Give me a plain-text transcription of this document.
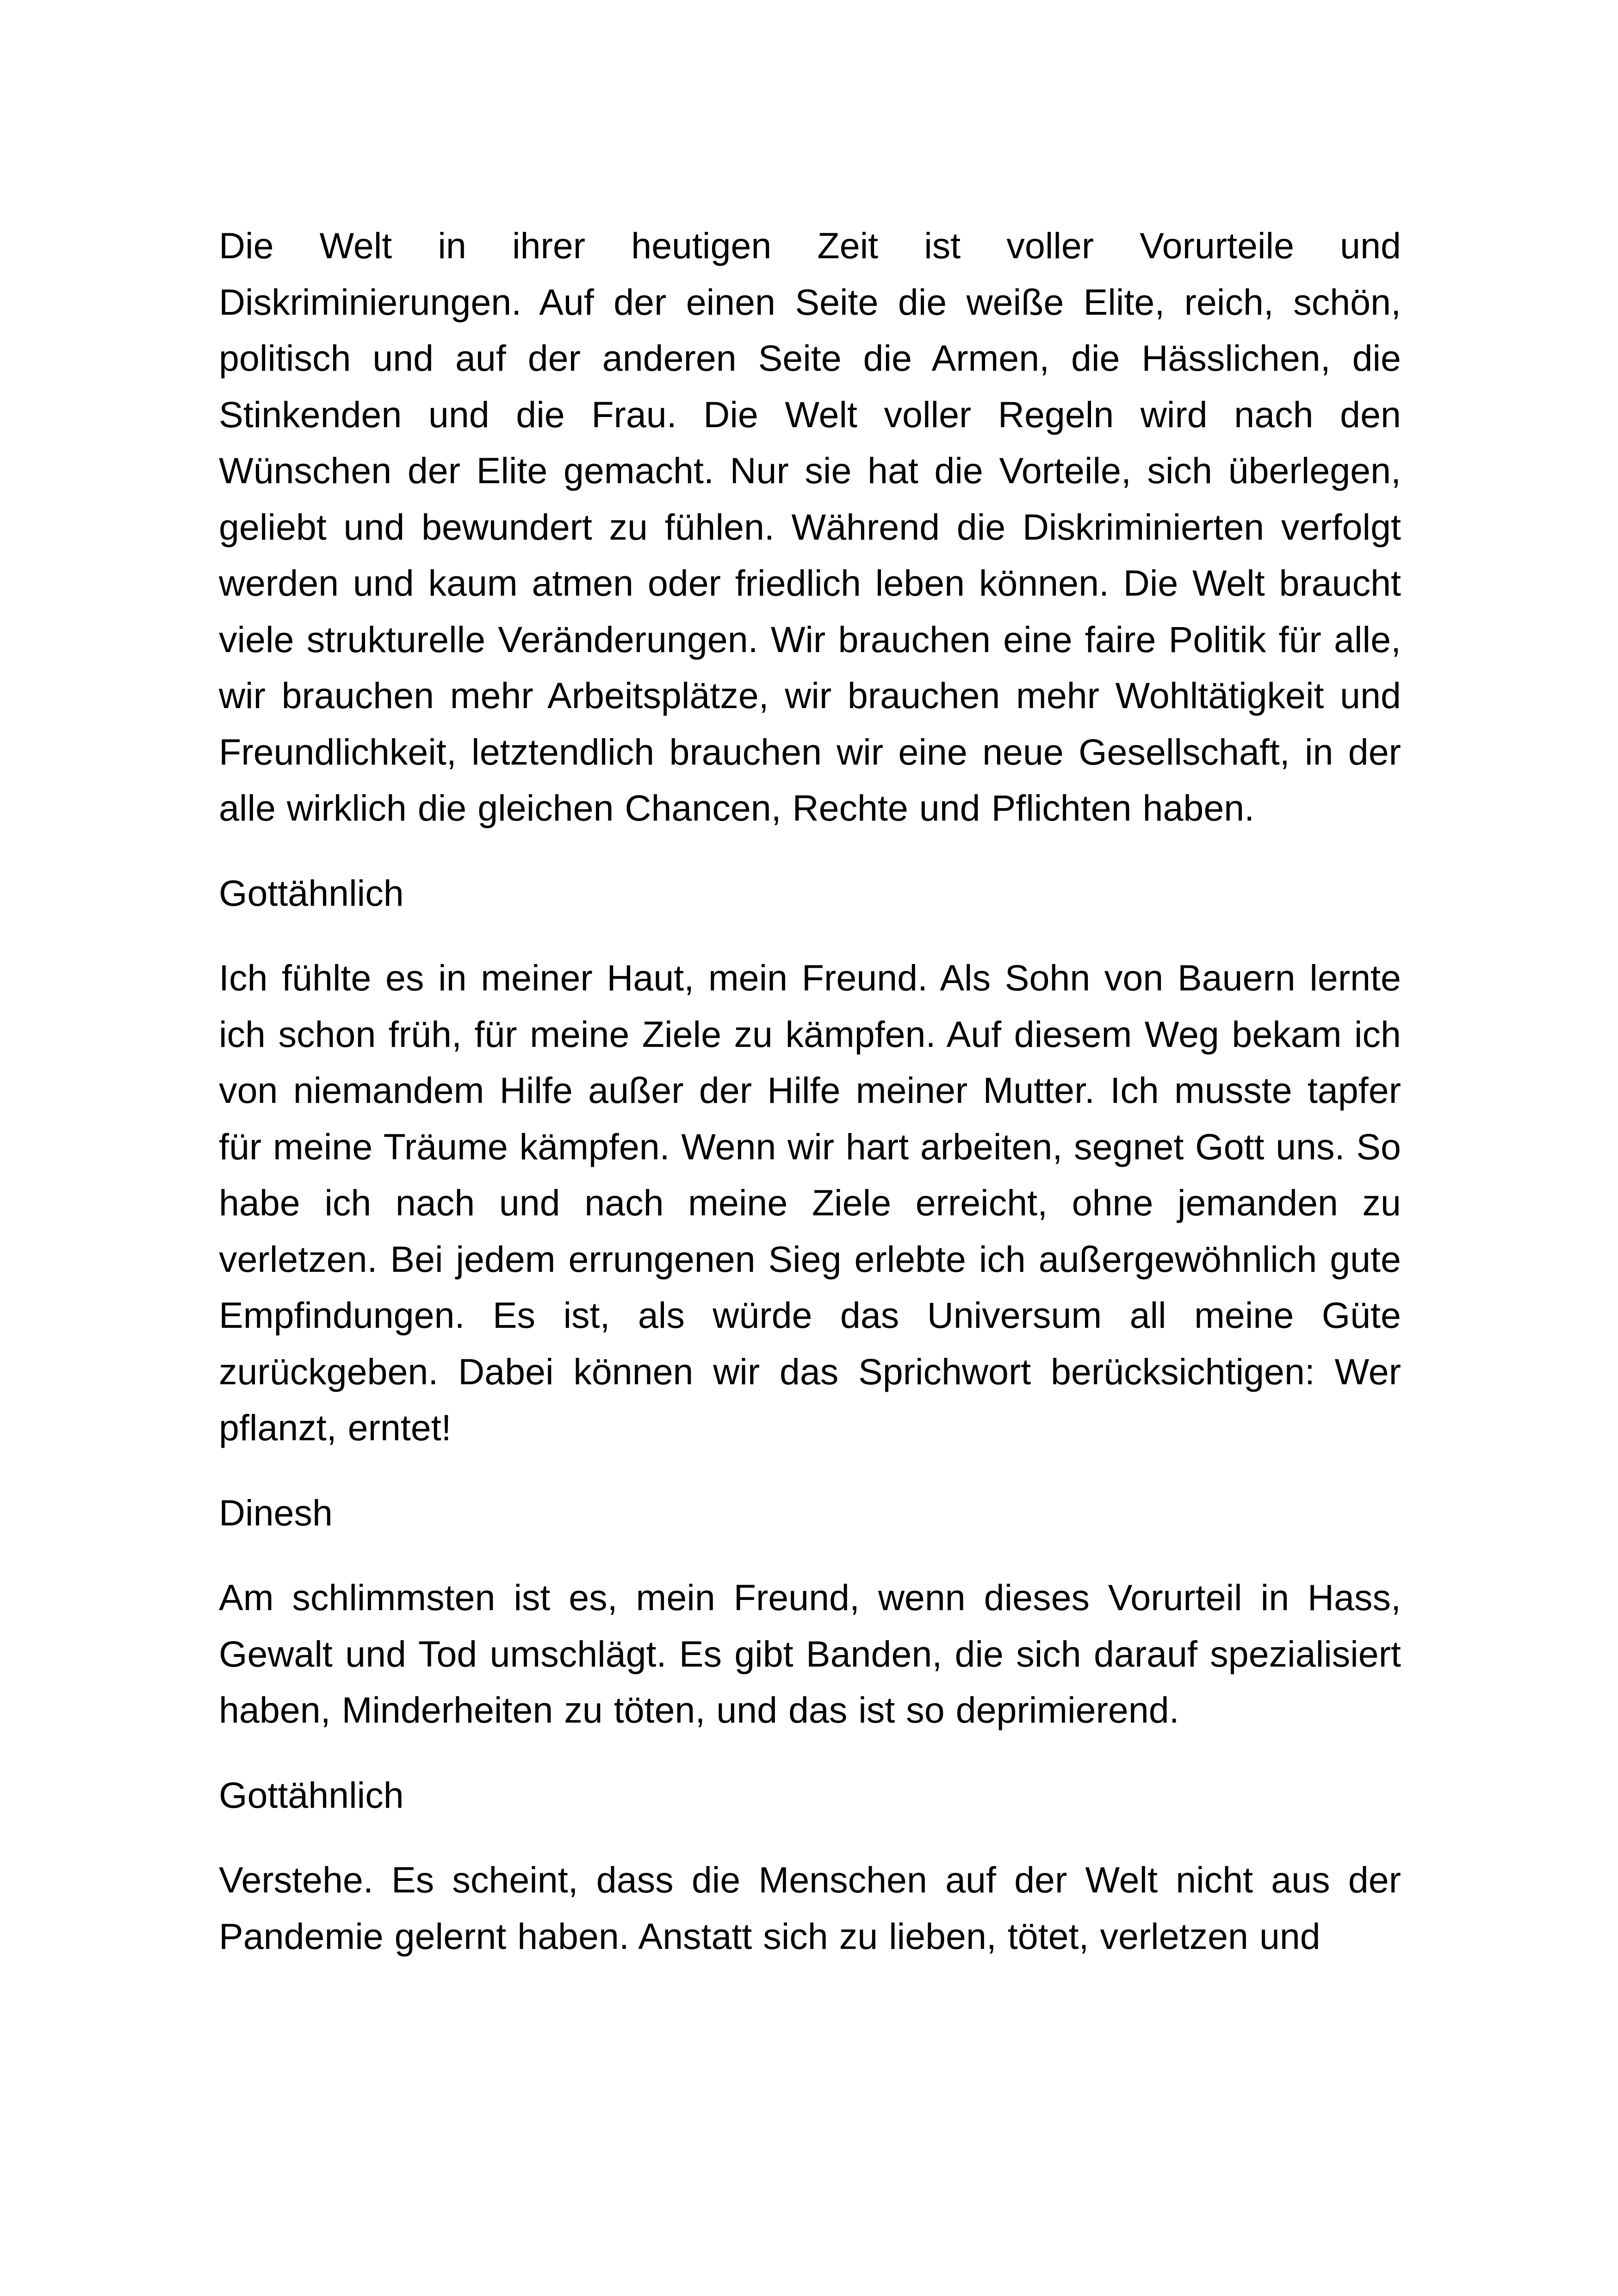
Die Welt in ihrer heutigen Zeit ist voller Vorurteile und Diskriminierungen. Auf der einen Seite die weiße Elite, reich, schön, politisch und auf der anderen Seite die Armen, die Hässlichen, die Stinkenden und die Frau. Die Welt voller Regeln wird nach den Wünschen der Elite gemacht. Nur sie hat die Vorteile, sich überlegen, geliebt und bewundert zu fühlen. Während die Diskriminierten verfolgt werden und kaum atmen oder friedlich leben können. Die Welt braucht viele strukturelle Veränderungen. Wir brauchen eine faire Politik für alle, wir brauchen mehr Arbeitsplätze, wir brauchen mehr Wohltätigkeit und Freundlichkeit, letztendlich brauchen wir eine neue Gesellschaft, in der alle wirklich die gleichen Chancen, Rechte und Pflichten haben.

Gottähnlich

Ich fühlte es in meiner Haut, mein Freund. Als Sohn von Bauern lernte ich schon früh, für meine Ziele zu kämpfen. Auf diesem Weg bekam ich von niemandem Hilfe außer der Hilfe meiner Mutter. Ich musste tapfer für meine Träume kämpfen. Wenn wir hart arbeiten, segnet Gott uns. So habe ich nach und nach meine Ziele erreicht, ohne jemanden zu verletzen. Bei jedem errungenen Sieg erlebte ich außergewöhnlich gute Empfindungen. Es ist, als würde das Universum all meine Güte zurückgeben. Dabei können wir das Sprichwort berücksichtigen: Wer pflanzt, erntet!

Dinesh

Am schlimmsten ist es, mein Freund, wenn dieses Vorurteil in Hass, Gewalt und Tod umschlägt. Es gibt Banden, die sich darauf spezialisiert haben, Minderheiten zu töten, und das ist so deprimierend.

Gottähnlich

Verstehe. Es scheint, dass die Menschen auf der Welt nicht aus der Pandemie gelernt haben. Anstatt sich zu lieben, tötet, verletzen und
